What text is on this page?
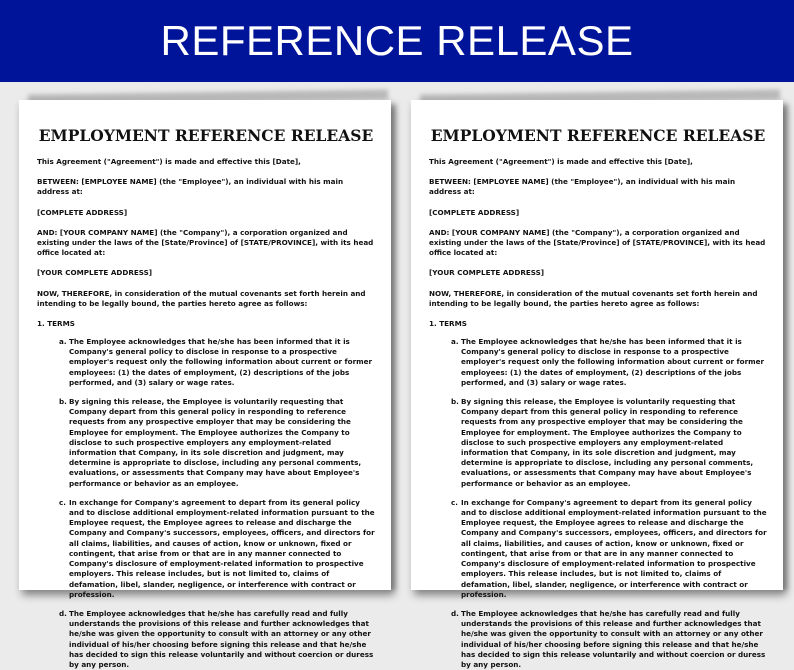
REFERENCE RELEASE
EMPLOYMENT REFERENCE RELEASE
This Agreement ("Agreement") is made and effective this [Date],
BETWEEN: [EMPLOYEE NAME] (the "Employee"), an individual with his main address at:
[COMPLETE ADDRESS]
AND: [YOUR COMPANY NAME] (the "Company"), a corporation organized and existing under the laws of the [State/Province] of [STATE/PROVINCE], with its head office located at:
[YOUR COMPLETE ADDRESS]
NOW, THEREFORE, in consideration of the mutual covenants set forth herein and intending to be legally bound, the parties hereto agree as follows:
1. TERMS
a. The Employee acknowledges that he/she has been informed that it is Company's general policy to disclose in response to a prospective employer's request only the following information about current or former employees: (1) the dates of employment, (2) descriptions of the jobs performed, and (3) salary or wage rates.
b. By signing this release, the Employee is voluntarily requesting that Company depart from this general policy in responding to reference requests from any prospective employer that may be considering the Employee for employment. The Employee authorizes the Company to disclose to such prospective employers any employment-related information that Company, in its sole discretion and judgment, may determine is appropriate to disclose, including any personal comments, evaluations, or assessments that Company may have about Employee's performance or behavior as an employee.
c. In exchange for Company's agreement to depart from its general policy and to disclose additional employment-related information pursuant to the Employee request, the Employee agrees to release and discharge the Company and Company's successors, employees, officers, and directors for all claims, liabilities, and causes of action, know or unknown, fixed or contingent, that arise from or that are in any manner connected to Company's disclosure of employment-related information to prospective employers. This release includes, but is not limited to, claims of defamation, libel, slander, negligence, or interference with contract or profession.
d. The Employee acknowledges that he/she has carefully read and fully understands the provisions of this release and further acknowledges that he/she was given the opportunity to consult with an attorney or any other individual of his/her choosing before signing this release and that he/she has decided to sign this release voluntarily and without coercion or duress by any person.
EMPLOYMENT REFERENCE RELEASE
This Agreement ("Agreement") is made and effective this [Date],
BETWEEN: [EMPLOYEE NAME] (the "Employee"), an individual with his main address at:
[COMPLETE ADDRESS]
AND: [YOUR COMPANY NAME] (the "Company"), a corporation organized and existing under the laws of the [State/Province] of [STATE/PROVINCE], with its head office located at:
[YOUR COMPLETE ADDRESS]
NOW, THEREFORE, in consideration of the mutual covenants set forth herein and intending to be legally bound, the parties hereto agree as follows:
1. TERMS
a. The Employee acknowledges that he/she has been informed that it is Company's general policy to disclose in response to a prospective employer's request only the following information about current or former employees: (1) the dates of employment, (2) descriptions of the jobs performed, and (3) salary or wage rates.
b. By signing this release, the Employee is voluntarily requesting that Company depart from this general policy in responding to reference requests from any prospective employer that may be considering the Employee for employment. The Employee authorizes the Company to disclose to such prospective employers any employment-related information that Company, in its sole discretion and judgment, may determine is appropriate to disclose, including any personal comments, evaluations, or assessments that Company may have about Employee's performance or behavior as an employee.
c. In exchange for Company's agreement to depart from its general policy and to disclose additional employment-related information pursuant to the Employee request, the Employee agrees to release and discharge the Company and Company's successors, employees, officers, and directors for all claims, liabilities, and causes of action, know or unknown, fixed or contingent, that arise from or that are in any manner connected to Company's disclosure of employment-related information to prospective employers. This release includes, but is not limited to, claims of defamation, libel, slander, negligence, or interference with contract or profession.
d. The Employee acknowledges that he/she has carefully read and fully understands the provisions of this release and further acknowledges that he/she was given the opportunity to consult with an attorney or any other individual of his/her choosing before signing this release and that he/she has decided to sign this release voluntarily and without coercion or duress by any person.
